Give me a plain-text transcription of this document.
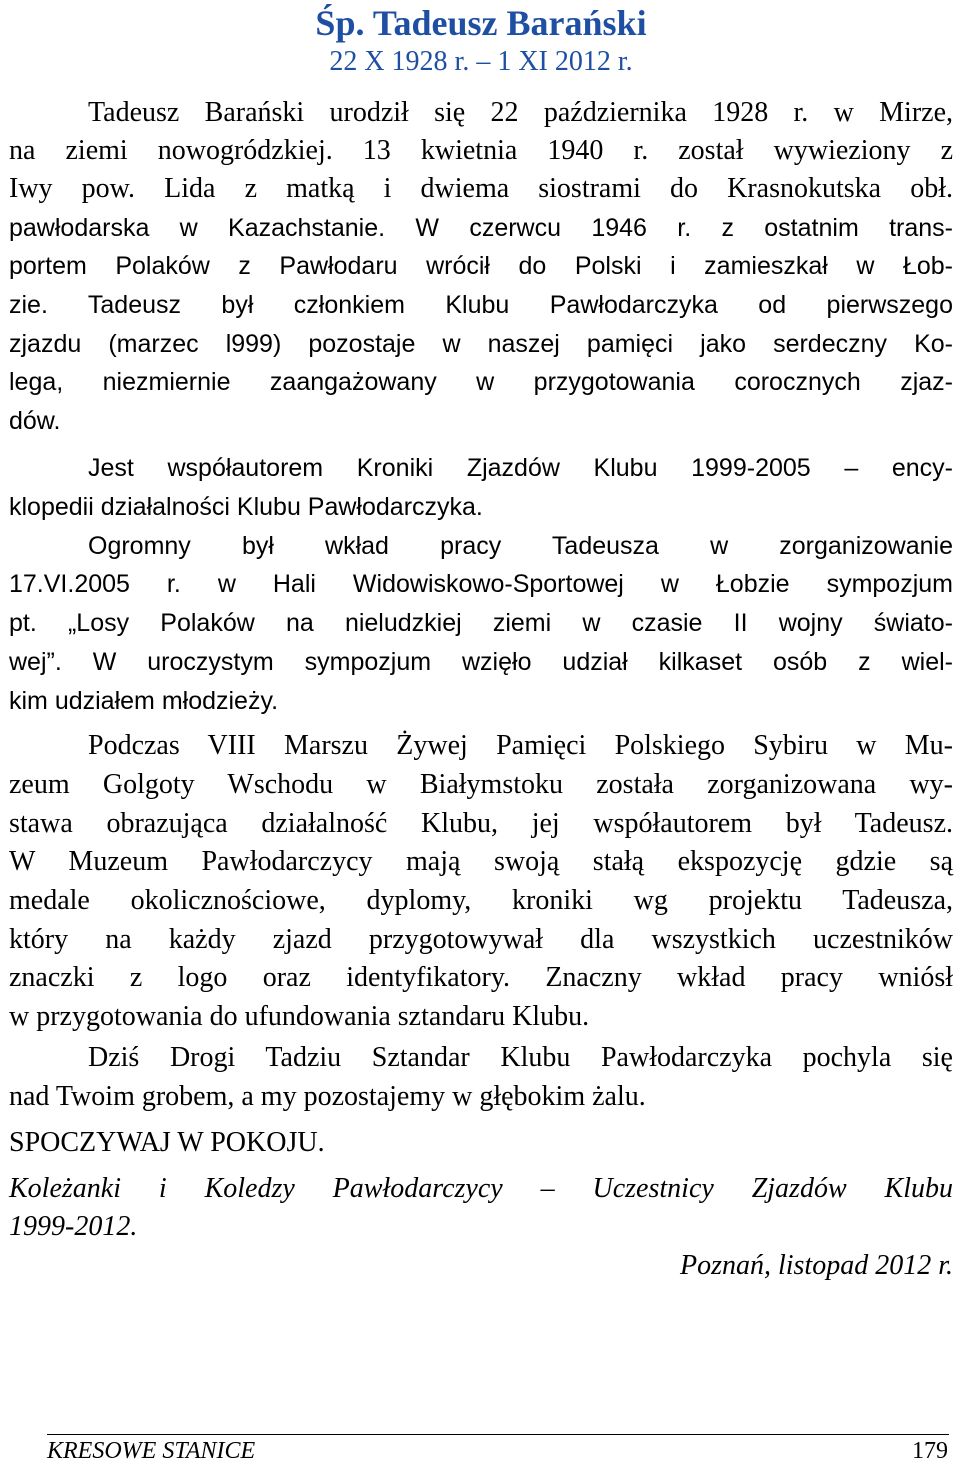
Śp. Tadeusz Barański
22 X 1928 r. – 1 XI 2012 r.
Tadeusz Barański urodził się 22 października 1928 r. w Mirze,
na ziemi nowogródzkiej. 13 kwietnia 1940 r. został wywieziony z
Iwy pow. Lida z matką i dwiema siostrami do Krasnokutska obł.
pawłodarska w Kazachstanie. W czerwcu 1946 r. z ostatnim trans-
portem Polaków z Pawłodaru wrócił do Polski i zamieszkał w Łob-
zie. Tadeusz był członkiem Klubu Pawłodarczyka od pierwszego
zjazdu (marzec l999) pozostaje w naszej pamięci jako serdeczny Ko-
lega, niezmiernie zaangażowany w przygotowania corocznych zjaz-
dów.
Jest współautorem Kroniki Zjazdów Klubu 1999-2005 – ency-
klopedii działalności Klubu Pawłodarczyka.
Ogromny był wkład pracy Tadeusza w zorganizowanie
17.VI.2005 r. w Hali Widowiskowo-Sportowej w Łobzie sympozjum
pt. „Losy Polaków na nieludzkiej ziemi w czasie II wojny świato-
wej”. W uroczystym sympozjum wzięło udział kilkaset osób z wiel-
kim udziałem młodzieży.
Podczas VIII Marszu Żywej Pamięci Polskiego Sybiru w Mu-
zeum Golgoty Wschodu w Białymstoku została zorganizowana wy-
stawa obrazująca działalność Klubu, jej współautorem był Tadeusz.
W Muzeum Pawłodarczycy mają swoją stałą ekspozycję gdzie są
medale okolicznościowe, dyplomy, kroniki wg projektu Tadeusza,
który na każdy zjazd przygotowywał dla wszystkich uczestników
znaczki z logo oraz identyfikatory. Znaczny wkład pracy wniósł
w przygotowania do ufundowania sztandaru Klubu.
Dziś Drogi Tadziu Sztandar Klubu Pawłodarczyka pochyla się
nad Twoim grobem, a my pozostajemy w głębokim żalu.
SPOCZYWAJ W POKOJU.
Koleżanki i Koledzy Pawłodarczycy – Uczestnicy Zjazdów Klubu
1999-2012.
Poznań, listopad 2012 r.
KRESOWE STANICE	179
